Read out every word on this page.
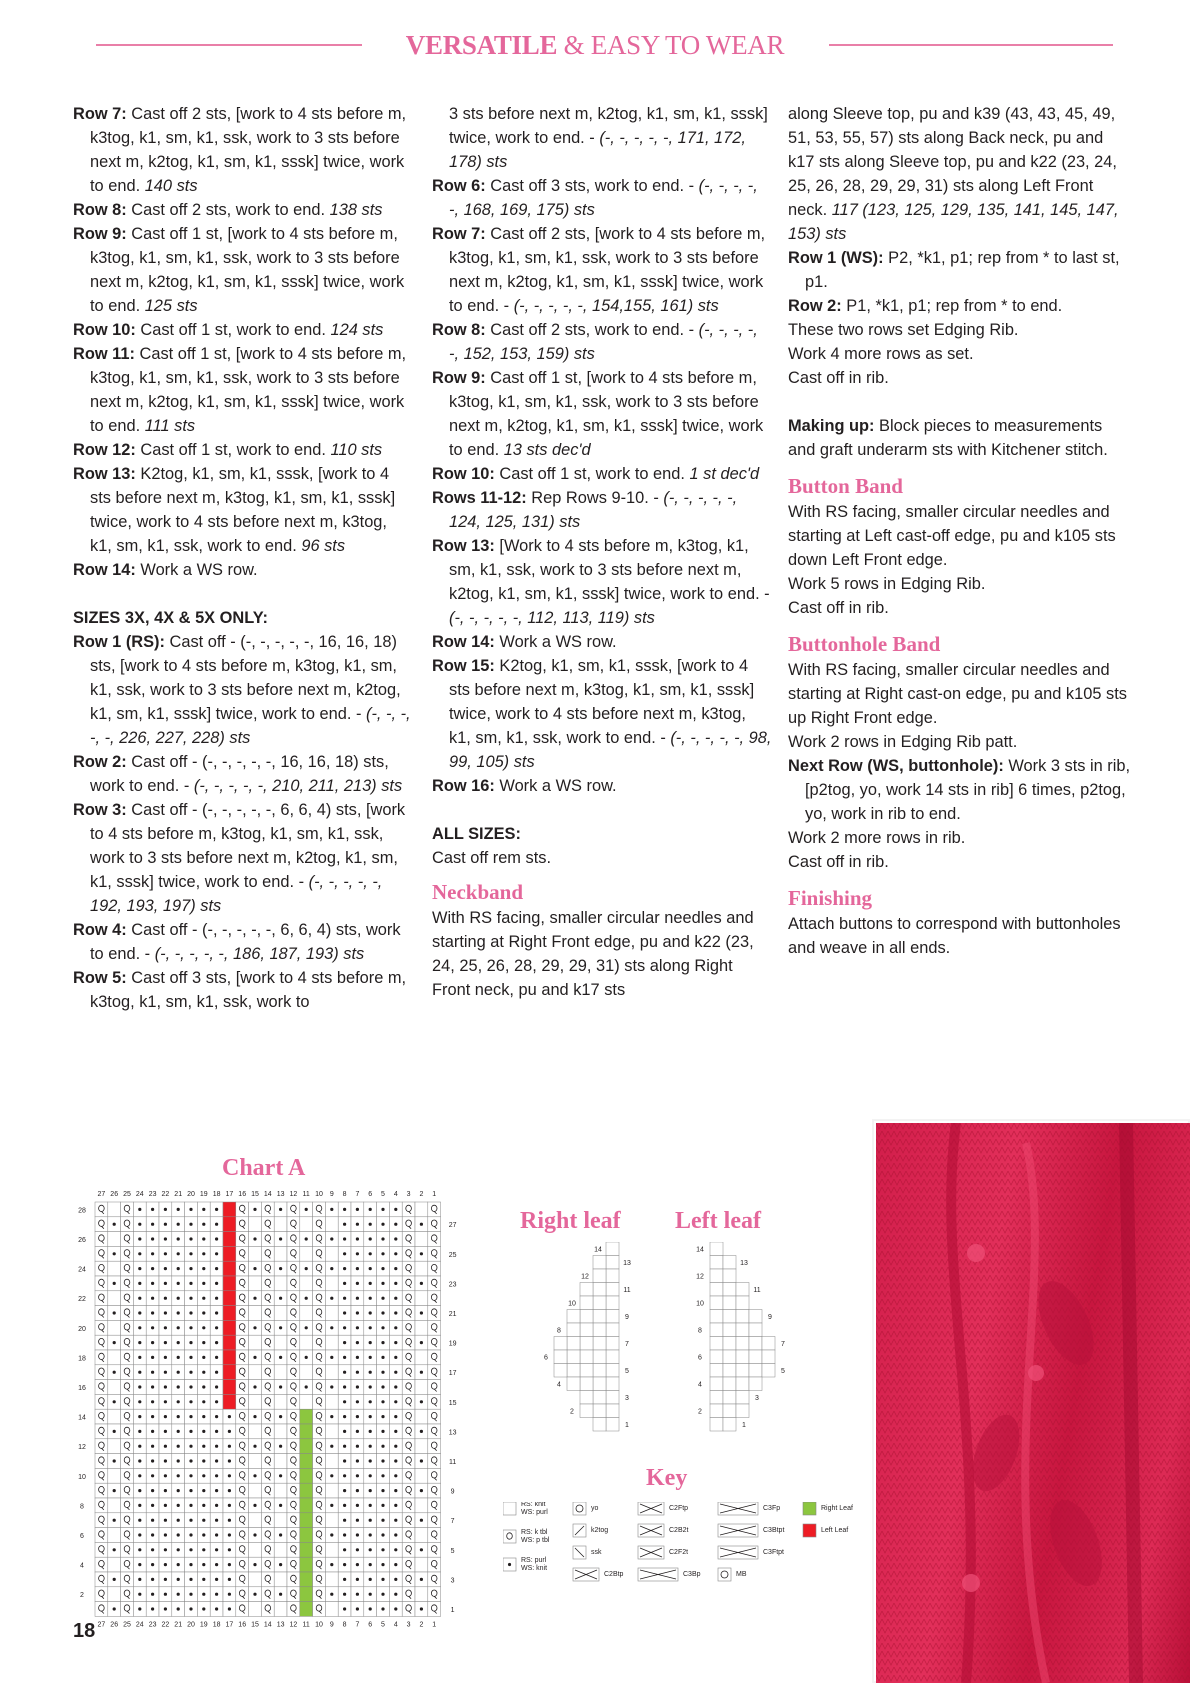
VERSATILE & EASY TO WEAR
Row 7: Cast off 2 sts, [work to 4 sts before m, k3tog, k1, sm, k1, ssk, work to 3 sts before next m, k2tog, k1, sm, k1, sssk] twice, work to end. 140 sts
Row 8: Cast off 2 sts, work to end. 138 sts
Row 9: Cast off 1 st, [work to 4 sts before m, k3tog, k1, sm, k1, ssk, work to 3 sts before next m, k2tog, k1, sm, k1, sssk] twice, work to end. 125 sts
Row 10: Cast off 1 st, work to end. 124 sts
Row 11: Cast off 1 st, [work to 4 sts before m, k3tog, k1, sm, k1, ssk, work to 3 sts before next m, k2tog, k1, sm, k1, sssk] twice, work to end. 111 sts
Row 12: Cast off 1 st, work to end. 110 sts
Row 13: K2tog, k1, sm, k1, sssk, [work to 4 sts before next m, k3tog, k1, sm, k1, sssk] twice, work to 4 sts before next m, k3tog, k1, sm, k1, ssk, work to end. 96 sts
Row 14: Work a WS row.
SIZES 3X, 4X & 5X ONLY:
Row 1 (RS): Cast off - (-, -, -, -, -, 16, 16, 18) sts, [work to 4 sts before m, k3tog, k1, sm, k1, ssk, work to 3 sts before next m, k2tog, k1, sm, k1, sssk] twice, work to end. - (-, -, -, -, -, 226, 227, 228) sts
Row 2: Cast off - (-, -, -, -, -, 16, 16, 18) sts, work to end. - (-, -, -, -, -, 210, 211, 213) sts
Row 3: Cast off - (-, -, -, -, -, 6, 6, 4) sts, [work to 4 sts before m, k3tog, k1, sm, k1, ssk, work to 3 sts before next m, k2tog, k1, sm, k1, sssk] twice, work to end. - (-, -, -, -, -, 192, 193, 197) sts
Row 4: Cast off - (-, -, -, -, -, 6, 6, 4) sts, work to end. - (-, -, -, -, -, 186, 187, 193) sts
Row 5: Cast off 3 sts, [work to 4 sts before m, k3tog, k1, sm, k1, ssk, work to
3 sts before next m, k2tog, k1, sm, k1, sssk] twice, work to end. - (-, -, -, -, -, 171, 172, 178) sts
Row 6: Cast off 3 sts, work to end. - (-, -, -, -, -, 168, 169, 175) sts
Row 7: Cast off 2 sts, [work to 4 sts before m, k3tog, k1, sm, k1, ssk, work to 3 sts before next m, k2tog, k1, sm, k1, sssk] twice, work to end. - (-, -, -, -, -, 154,155, 161) sts
Row 8: Cast off 2 sts, work to end. - (-, -, -, -, -, 152, 153, 159) sts
Row 9: Cast off 1 st, [work to 4 sts before m, k3tog, k1, sm, k1, ssk, work to 3 sts before next m, k2tog, k1, sm, k1, sssk] twice, work to end. 13 sts dec'd
Row 10: Cast off 1 st, work to end. 1 st dec'd
Rows 11-12: Rep Rows 9-10. - (-, -, -, -, -, 124, 125, 131) sts
Row 13: [Work to 4 sts before m, k3tog, k1, sm, k1, ssk, work to 3 sts before next m, k2tog, k1, sm, k1, sssk] twice, work to end. - (-, -, -, -, -, 112, 113, 119) sts
Row 14: Work a WS row.
Row 15: K2tog, k1, sm, k1, sssk, [work to 4 sts before next m, k3tog, k1, sm, k1, sssk] twice, work to 4 sts before next m, k3tog, k1, sm, k1, ssk, work to end. - (-, -, -, -, -, 98, 99, 105) sts
Row 16: Work a WS row.
ALL SIZES:
Cast off rem sts.
Neckband
With RS facing, smaller circular needles and starting at Right Front edge, pu and k22 (23, 24, 25, 26, 28, 29, 29, 31) sts along Right Front neck, pu and k17 sts
along Sleeve top, pu and k39 (43, 43, 45, 49, 51, 53, 55, 57) sts along Back neck, pu and k17 sts along Sleeve top, pu and k22 (23, 24, 25, 26, 28, 29, 29, 31) sts along Left Front neck. 117 (123, 125, 129, 135, 141, 145, 147, 153) sts
Row 1 (WS): P2, *k1, p1; rep from * to last st, p1.
Row 2: P1, *k1, p1; rep from * to end.
These two rows set Edging Rib.
Work 4 more rows as set.
Cast off in rib.
Making up: Block pieces to measurements and graft underarm sts with Kitchener stitch.
Button Band
With RS facing, smaller circular needles and starting at Left cast-off edge, pu and k105 sts down Left Front edge.
Work 5 rows in Edging Rib.
Cast off in rib.
Buttonhole Band
With RS facing, smaller circular needles and starting at Right cast-on edge, pu and k105 sts up Right Front edge.
Work 2 rows in Edging Rib patt.
Next Row (WS, buttonhole): Work 3 sts in rib, [p2tog, yo, work 14 sts in rib] 6 times, p2tog, yo, work in rib to end.
Work 2 more rows in rib.
Cast off in rib.
Finishing
Attach buttons to correspond with buttonholes and weave in all ends.
Chart A
27
27
26
26
25
25
24
24
23
23
22
22
21
21
20
20
19
19
18
18
17
17
16
16
15
15
14
14
13
13
12
12
11
11
10
10
9
9
8
8
7
7
6
6
5
5
4
4
3
3
2
2
1
1
28
27
26
25
24
23
22
21
20
19
18
17
16
15
14
13
12
11
10
9
8
7
6
5
4
3
2
1
Right leaf Left leaf
14
13
12
11
10
9
8
7
6
5
4
3
2
1
14
13
12
11
10
9
8
7
6
5
4
3
2
1
Key
RS: knit
WS: purl
RS: k tbl
WS: p tbl
RS: purl
WS: knit
yo
k2tog
ssk
C2Btp
C2Ftp
C2B2t
C2F2t
C3Bp
C3Fp
C3Btpt
C3Ftpt
MB
Right Leaf
Left Leaf
18
